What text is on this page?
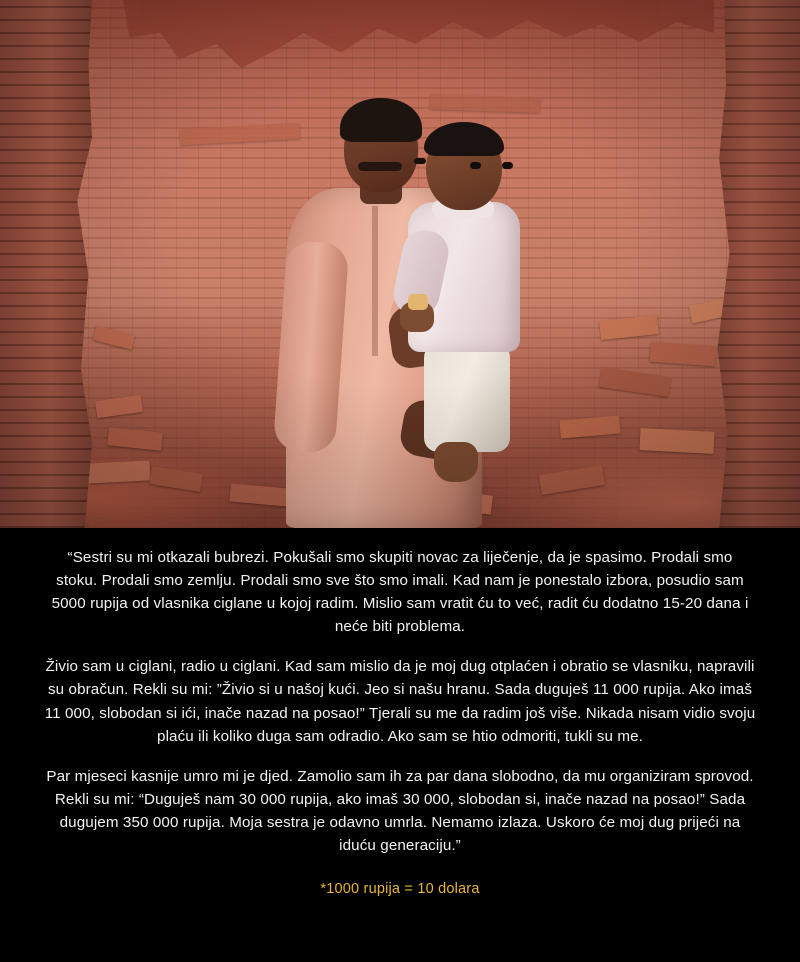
“Sestri su mi otkazali bubrezi. Pokušali smo skupiti novac za liječenje, da je spasimo. Prodali smo stoku. Prodali smo zemlju. Prodali smo sve što smo imali. Kad nam je ponestalo izbora, posudio sam 5000 rupija od vlasnika ciglane u kojoj radim. Mislio sam vratit ću to već, radit ću dodatno 15-20 dana i neće biti problema.

Živio sam u ciglani, radio u ciglani. Kad sam mislio da je moj dug otplaćen i obratio se vlasniku, napravili su obračun. Rekli su mi: ”Živio si u našoj kući. Jeo si našu hranu. Sada duguješ 11 000 rupija. Ako imaš 11 000, slobodan si ići, inače nazad na posao!” Tjerali su me da radim još više. Nikada nisam vidio svoju plaću ili koliko duga sam odradio. Ako sam se htio odmoriti, tukli su me.

Par mjeseci kasnije umro mi je djed. Zamolio sam ih za par dana slobodno, da mu organiziram sprovod. Rekli su mi: “Duguješ nam 30 000 rupija, ako imaš 30 000, slobodan si, inače nazad na posao!” Sada dugujem 350 000 rupija. Moja sestra je odavno umrla. Nemamo izlaza. Uskoro će moj dug prijeći na iduću generaciju.”

*1000 rupija = 10 dolara
